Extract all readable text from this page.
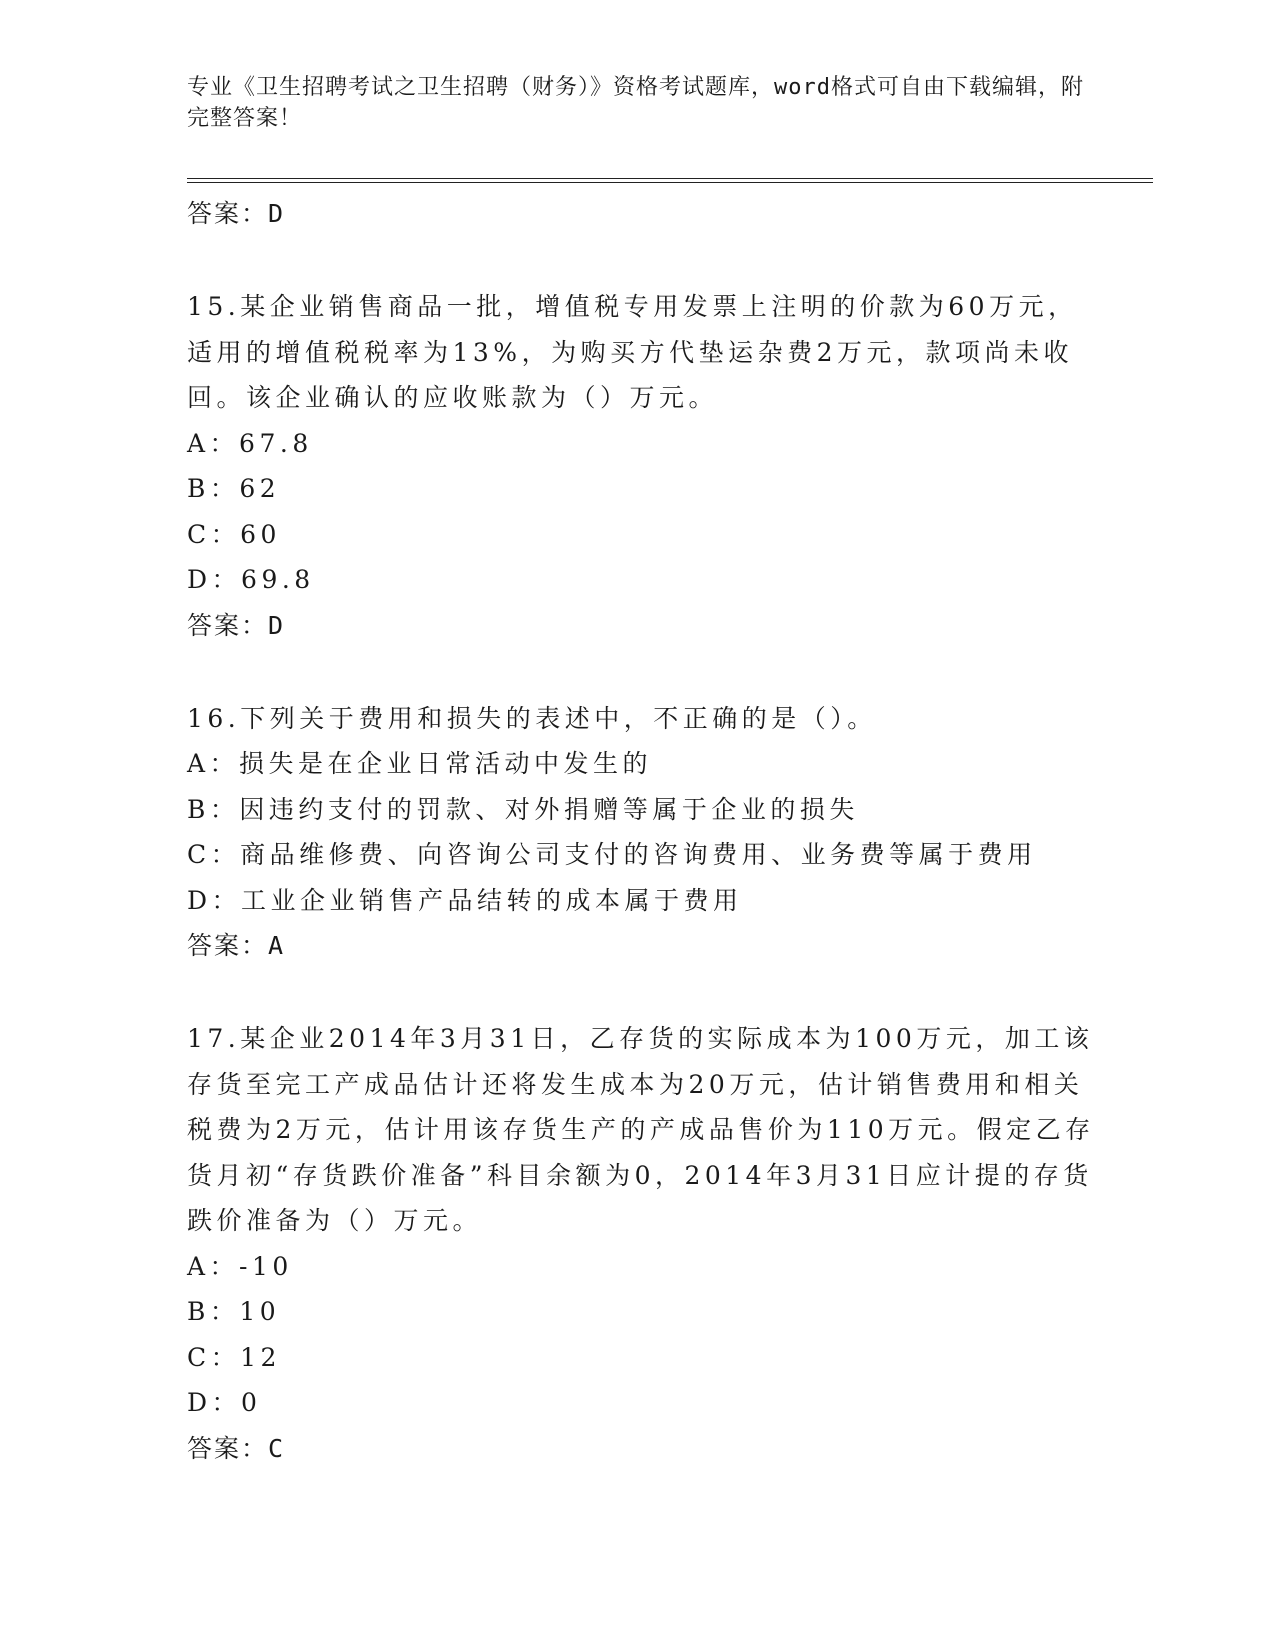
专业《卫生招聘考试之卫生招聘（财务）》资格考试题库，word格式可自由下载编辑，附完整答案！
答案：D
15.某企业销售商品一批，增值税专用发票上注明的价款为60万元，适用的增值税税率为13%，为购买方代垫运杂费2万元，款项尚未收回。该企业确认的应收账款为（）万元。
A：67.8
B：62
C：60
D：69.8
答案：D
16.下列关于费用和损失的表述中，不正确的是（）。
A：损失是在企业日常活动中发生的
B：因违约支付的罚款、对外捐赠等属于企业的损失
C：商品维修费、向咨询公司支付的咨询费用、业务费等属于费用
D：工业企业销售产品结转的成本属于费用
答案：A
17.某企业2014年3月31日，乙存货的实际成本为100万元，加工该存货至完工产成品估计还将发生成本为20万元，估计销售费用和相关税费为2万元，估计用该存货生产的产成品售价为110万元。假定乙存货月初“存货跌价准备”科目余额为0，2014年3月31日应计提的存货跌价准备为（）万元。
A：-10
B：10
C：12
D：0
答案：C
